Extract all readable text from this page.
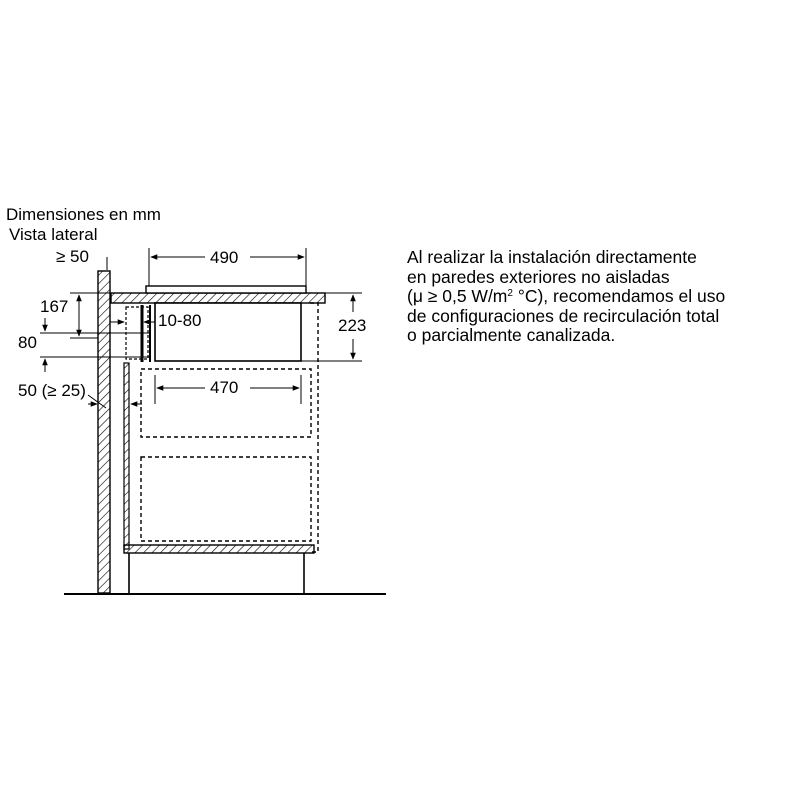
Dimensiones en mm
Vista lateral
≥ 50	490
223
167
10-80
80
470
50 (≥ 25)
Al realizar la instalación directamente
en paredes exteriores no aisladas
(μ ≥ 0,5 $W/m^2$ °C), recomendamos el uso
de configuraciones de recirculación total
o parcialmente canalizada.
